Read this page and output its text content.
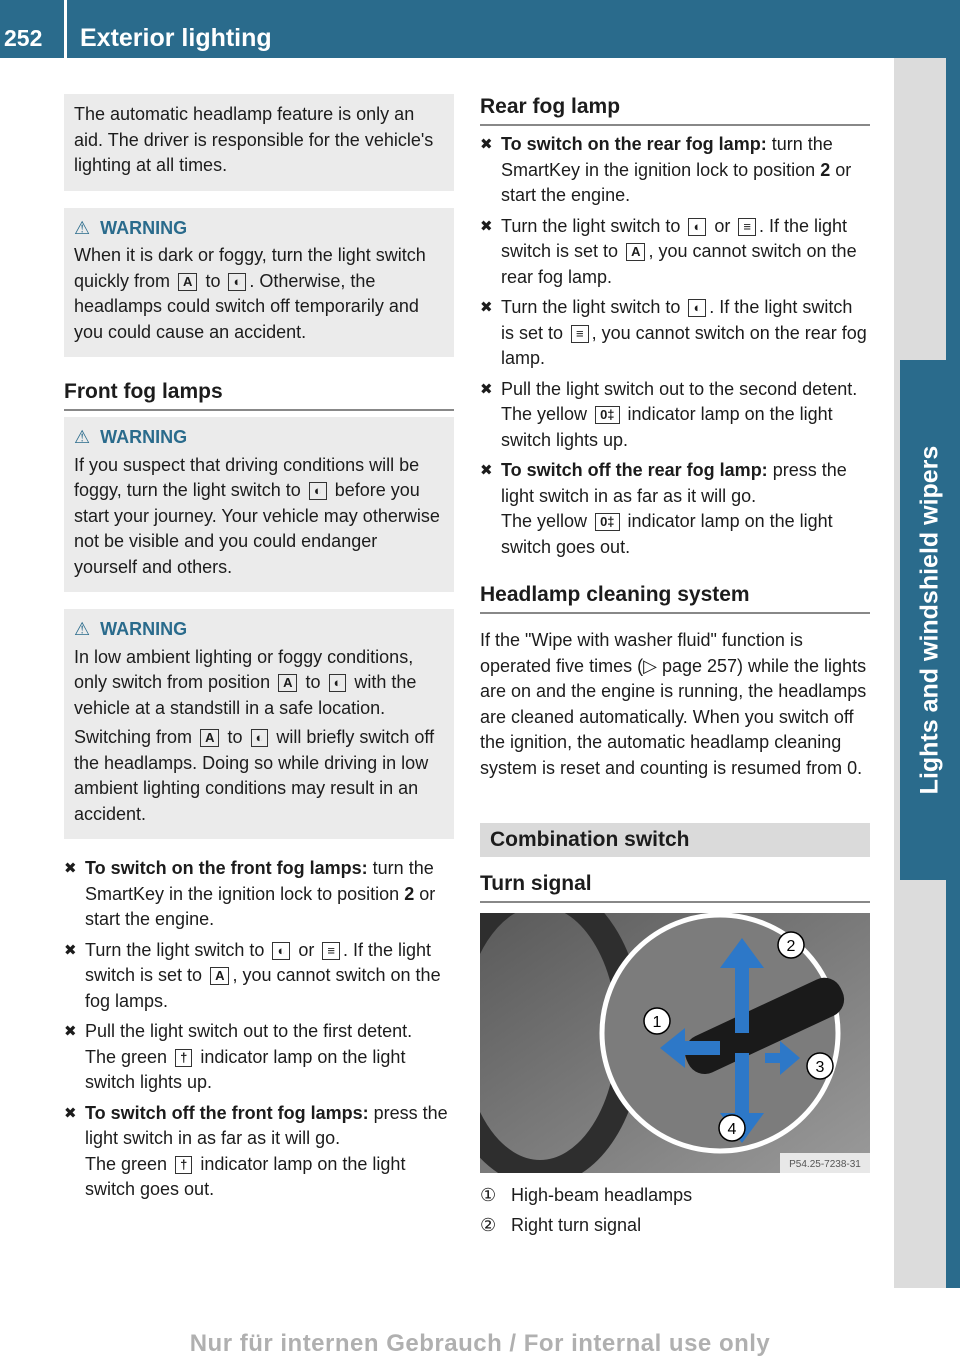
252	Exterior lighting
Lights and windshield wipers

The automatic headlamp feature is only an aid. The driver is responsible for the vehicle's lighting at all times.

⚠ WARNING

When it is dark or foggy, turn the light switch quickly from A to ◐ . Otherwise, the headlamps could switch off temporarily and you could cause an accident.

Front fog lamps
⚠ WARNING

If you suspect that driving conditions will be foggy, turn the light switch to ◐ before you start your journey. Your vehicle may otherwise not be visible and you could endanger yourself and others.

⚠ WARNING

In low ambient lighting or foggy conditions, only switch from position A to ◐ with the vehicle at a standstill in a safe location.

Switching from A to ◐ will briefly switch off the headlamps. Doing so while driving in low ambient lighting conditions may result in an accident.

✖ To switch on the front fog lamps: turn the SmartKey in the ignition lock to position 2 or start the engine.
✖ Turn the light switch to ◐ or ≡ . If the light switch is set to A , you cannot switch on the fog lamps.
✖ Pull the light switch out to the first detent.
The green † indicator lamp on the light switch lights up.
✖ To switch off the front fog lamps: press the light switch in as far as it will go.
The green † indicator lamp on the light switch goes out.
Rear fog lamp
✖ To switch on the rear fog lamp: turn the SmartKey in the ignition lock to position 2 or start the engine.
✖ Turn the light switch to ◐ or ≡ . If the light switch is set to A , you cannot switch on the rear fog lamp.
✖ Turn the light switch to ◐ . If the light switch is set to ≡ , you cannot switch on the rear fog lamp.
✖ Pull the light switch out to the second detent.
The yellow 0‡ indicator lamp on the light switch lights up.
✖ To switch off the rear fog lamp: press the light switch in as far as it will go.
The yellow 0‡ indicator lamp on the light switch goes out.
Headlamp cleaning system

If the "Wipe with washer fluid" function is operated five times (▷ page 257) while the lights are on and the engine is running, the headlamps are cleaned automatically. When you switch off the ignition, the automatic headlamp cleaning system is reset and counting is resumed from 0.

Combination switch
Turn signal
1
2
3
4
P54.25-7238-31
① High-beam headlamps
② Right turn signal
Nur für internen Gebrauch / For internal use only
